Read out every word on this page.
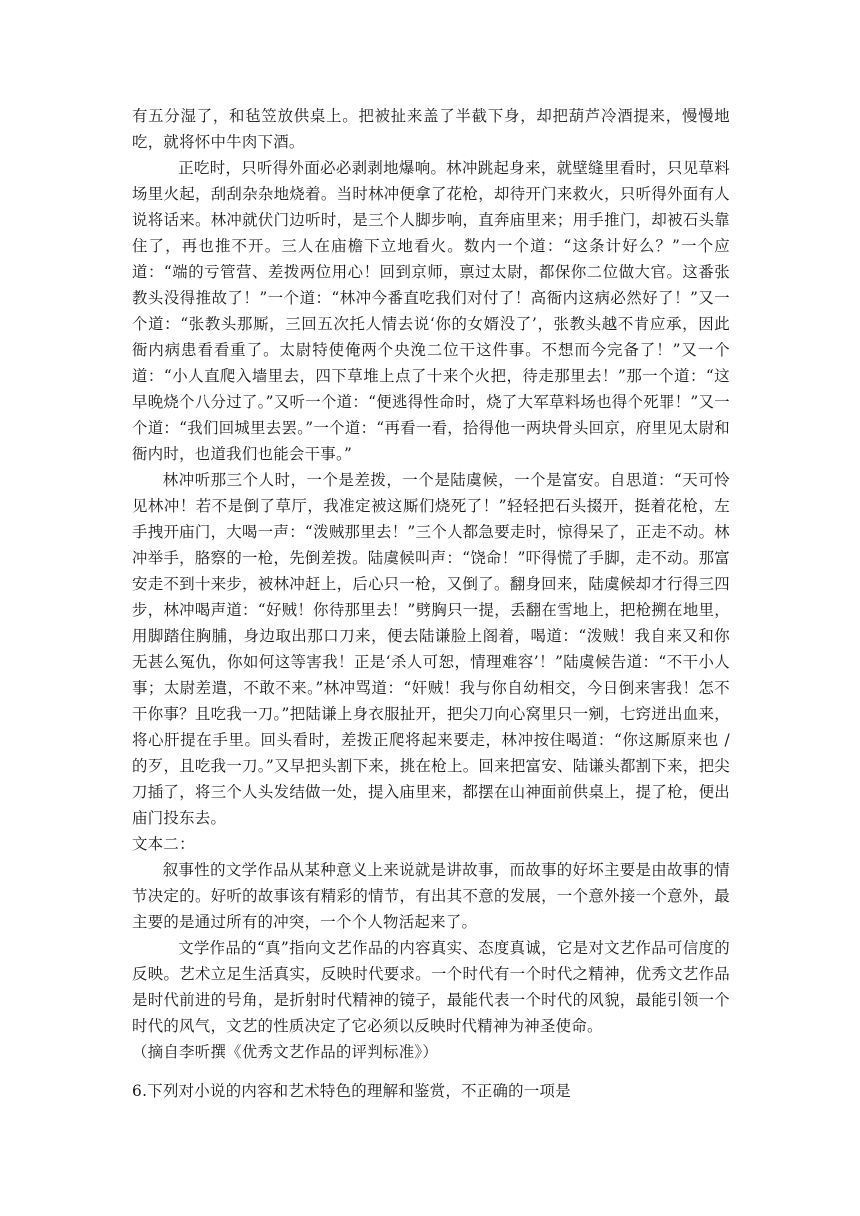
有五分湿了，和毡笠放供桌上。把被扯来盖了半截下身，却把葫芦冷酒提来，慢慢地吃，就将怀中牛肉下酒。

正吃时，只听得外面必必剥剥地爆响。林冲跳起身来，就壁缝里看时，只见草料场里火起，刮刮杂杂地烧着。当时林冲便拿了花枪，却待开门来救火，只听得外面有人说将话来。林冲就伏门边听时，是三个人脚步响，直奔庙里来；用手推门，却被石头靠住了，再也推不开。三人在庙檐下立地看火。数内一个道：“这条计好么？”一个应道：“端的亏管营、差拨两位用心！回到京师，禀过太尉，都保你二位做大官。这番张教头没得推故了！”一个道：“林冲今番直吃我们对付了！高衙内这病必然好了！”又一个道：“张教头那厮，三回五次托人情去说‘你的女婿没了’，张教头越不肯应承，因此衙内病患看看重了。太尉特使俺两个央浼二位干这件事。不想而今完备了！”又一个道：“小人直爬入墙里去，四下草堆上点了十来个火把，待走那里去！”那一个道：“这早晚烧个八分过了。”又听一个道：“便逃得性命时，烧了大军草料场也得个死罪！”又一个道：“我们回城里去罢。”一个道：“再看一看，拾得他一两块骨头回京，府里见太尉和衙内时，也道我们也能会干事。”

林冲听那三个人时，一个是差拨，一个是陆虞候，一个是富安。自思道：“天可怜见林冲！若不是倒了草厅，我准定被这厮们烧死了！”轻轻把石头掇开，挺着花枪，左手拽开庙门，大喝一声：“泼贼那里去！”三个人都急要走时，惊得呆了，正走不动。林冲举手，胳察的一枪，先倒差拨。陆虞候叫声：“饶命！”吓得慌了手脚，走不动。那富安走不到十来步，被林冲赶上，后心只一枪，又倒了。翻身回来，陆虞候却才行得三四步，林冲喝声道：“好贼！你待那里去！”劈胸只一提，丢翻在雪地上，把枪搠在地里，用脚踏住胸脯，身边取出那口刀来，便去陆谦脸上阁着，喝道：“泼贼！我自来又和你无甚么冤仇，你如何这等害我！正是‘杀人可恕，情理难容’！”陆虞候告道：“不干小人事；太尉差遣，不敢不来。”林冲骂道：“奸贼！我与你自幼相交，今日倒来害我！怎不干你事？且吃我一刀。”把陆谦上身衣服扯开，把尖刀向心窝里只一剜，七窍迸出血来，将心肝提在手里。回头看时，差拨正爬将起来要走，林冲按住喝道：“你这厮原来也 / 的歹，且吃我一刀。”又早把头割下来，挑在枪上。回来把富安、陆谦头都割下来，把尖刀插了，将三个人头发结做一处，提入庙里来，都摆在山神面前供桌上，提了枪，便出庙门投东去。

文本二：

叙事性的文学作品从某种意义上来说就是讲故事，而故事的好坏主要是由故事的情节决定的。好听的故事该有精彩的情节，有出其不意的发展，一个意外接一个意外，最主要的是通过所有的冲突，一个个人物活起来了。

文学作品的“真”指向文艺作品的内容真实、态度真诚，它是对文艺作品可信度的反映。艺术立足生活真实，反映时代要求。一个时代有一个时代之精神，优秀文艺作品是时代前进的号角，是折射时代精神的镜子，最能代表一个时代的风貌，最能引领一个时代的风气，文艺的性质决定了它必须以反映时代精神为神圣使命。

（摘自李听撰《优秀文艺作品的评判标准》）

6.下列对小说的内容和艺术特色的理解和鉴赏，不正确的一项是
